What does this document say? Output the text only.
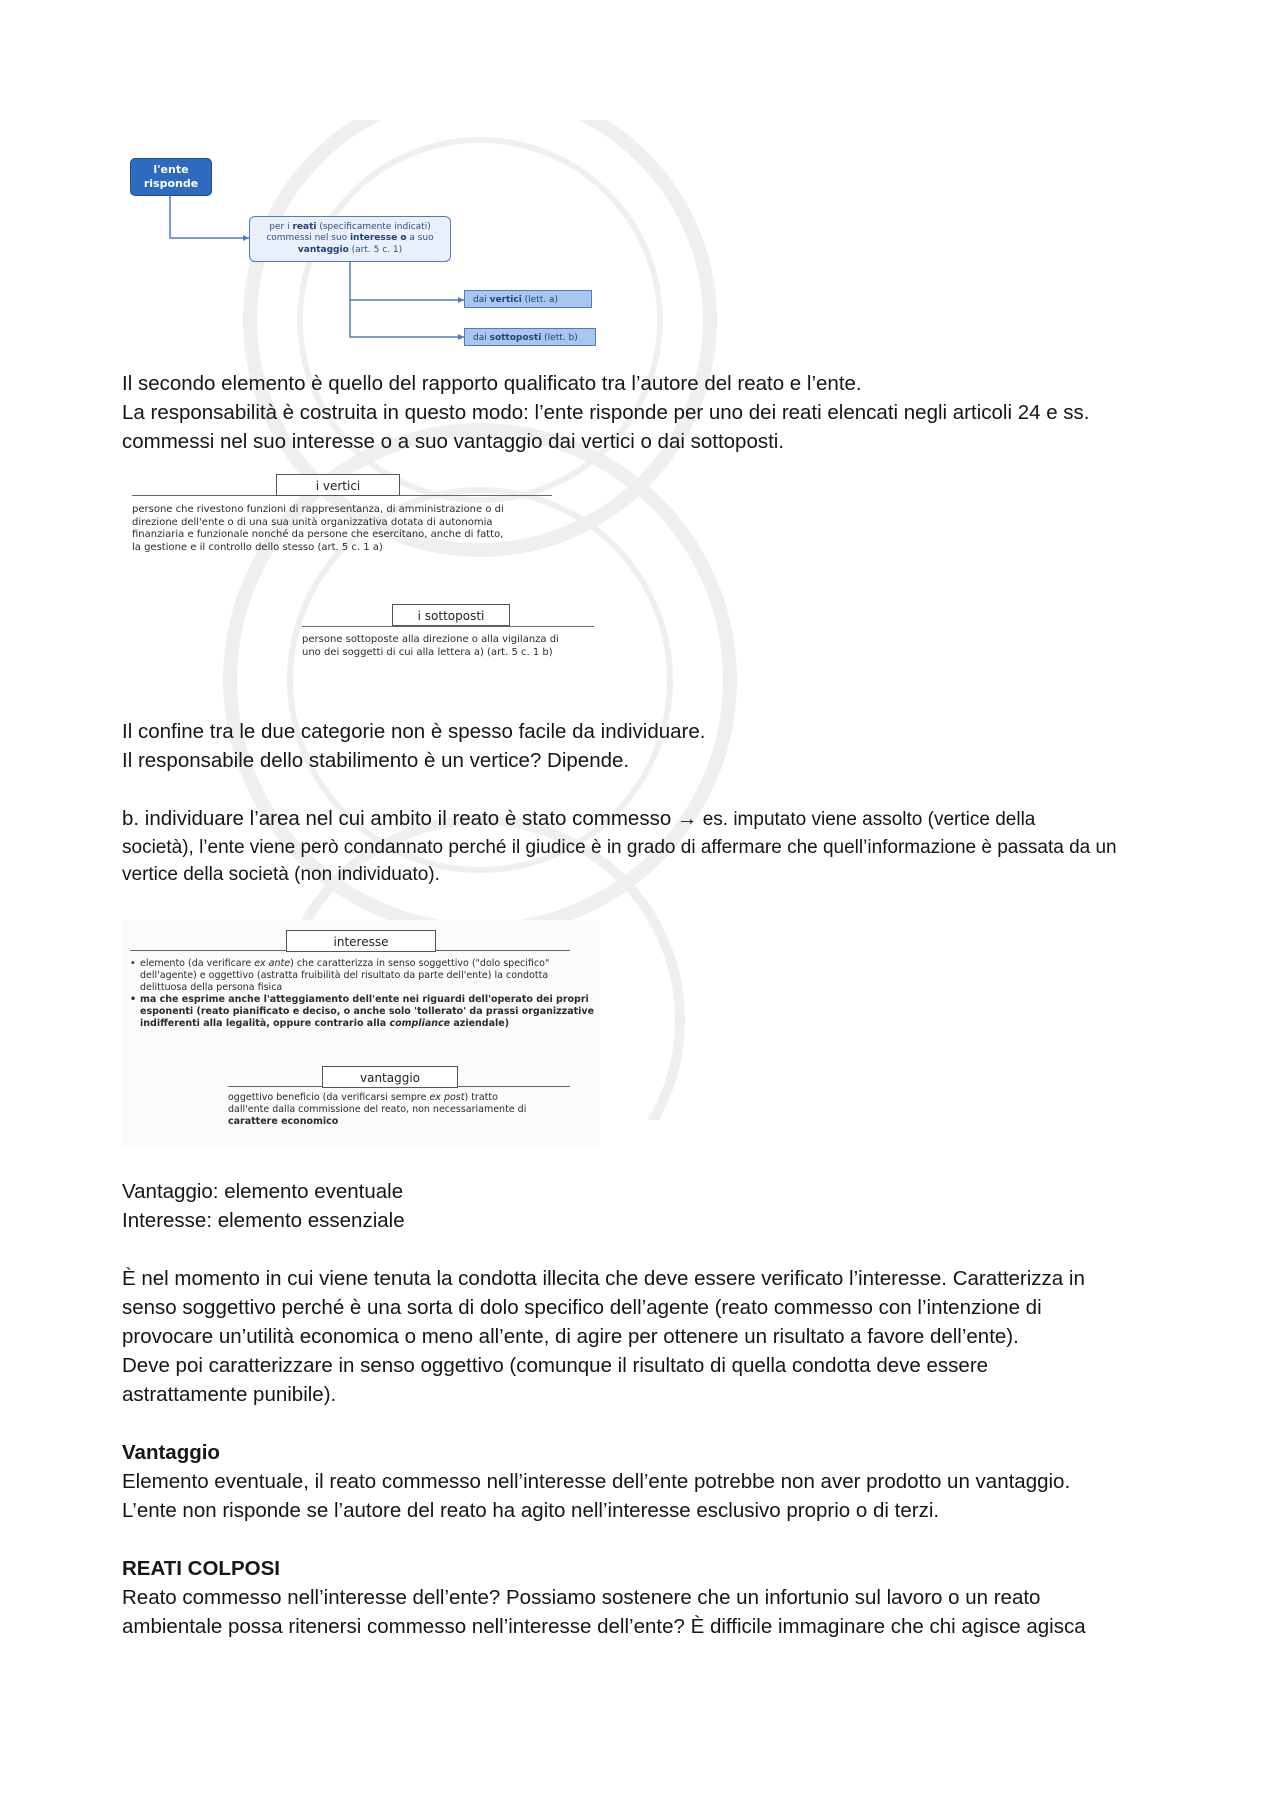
l'ente
risponde
per i reati (specificamente indicati)
commessi nel suo interesse o a suo
vantaggio (art. 5 c. 1)
dai vertici (lett. a)
dai sottoposti (lett. b)

Il secondo elemento è quello del rapporto qualificato tra l’autore del reato e l’ente.

La responsabilità è costruita in questo modo: l’ente risponde per uno dei reati elencati negli articoli 24 e ss.

commessi nel suo interesse o a suo vantaggio dai vertici o dai sottoposti.

i vertici

persone che rivestono funzioni di rappresentanza, di amministrazione o di

direzione dell'ente o di una sua unità organizzativa dotata di autonomia

finanziaria e funzionale nonché da persone che esercitano, anche di fatto,

la gestione e il controllo dello stesso (art. 5 c. 1 a)

i sottoposti

persone sottoposte alla direzione o alla vigilanza di

uno dei soggetti di cui alla lettera a) (art. 5 c. 1 b)

Il confine tra le due categorie non è spesso facile da individuare.

Il responsabile dello stabilimento è un vertice? Dipende.

b. individuare l’area nel cui ambito il reato è stato commesso → es. imputato viene assolto (vertice della

società), l’ente viene però condannato perché il giudice è in grado di affermare che quell’informazione è passata da un

vertice della società (non individuato).

interesse
• elemento (da verificare ex ante) che caratterizza in senso soggettivo ("dolo specifico"
dell'agente) e oggettivo (astratta fruibilità del risultato da parte dell'ente) la condotta
delittuosa della persona fisica
• ma che esprime anche l'atteggiamento dell'ente nei riguardi dell'operato dei propri
esponenti (reato pianificato e deciso, o anche solo 'tollerato' da prassi organizzative
indifferenti alla legalità, oppure contrario alla compliance aziendale)
vantaggio

oggettivo beneficio (da verificarsi sempre ex post) tratto

dall'ente dalla commissione del reato, non necessariamente di

carattere economico

Vantaggio: elemento eventuale

Interesse: elemento essenziale

È nel momento in cui viene tenuta la condotta illecita che deve essere verificato l’interesse. Caratterizza in

senso soggettivo perché è una sorta di dolo specifico dell’agente (reato commesso con l’intenzione di

provocare un’utilità economica o meno all’ente, di agire per ottenere un risultato a favore dell’ente).

Deve poi caratterizzare in senso oggettivo (comunque il risultato di quella condotta deve essere

astrattamente punibile).

Vantaggio

Elemento eventuale, il reato commesso nell’interesse dell’ente potrebbe non aver prodotto un vantaggio.

L’ente non risponde se l’autore del reato ha agito nell’interesse esclusivo proprio o di terzi.

REATI COLPOSI

Reato commesso nell’interesse dell’ente? Possiamo sostenere che un infortunio sul lavoro o un reato

ambientale possa ritenersi commesso nell’interesse dell’ente? È difficile immaginare che chi agisce agisca
